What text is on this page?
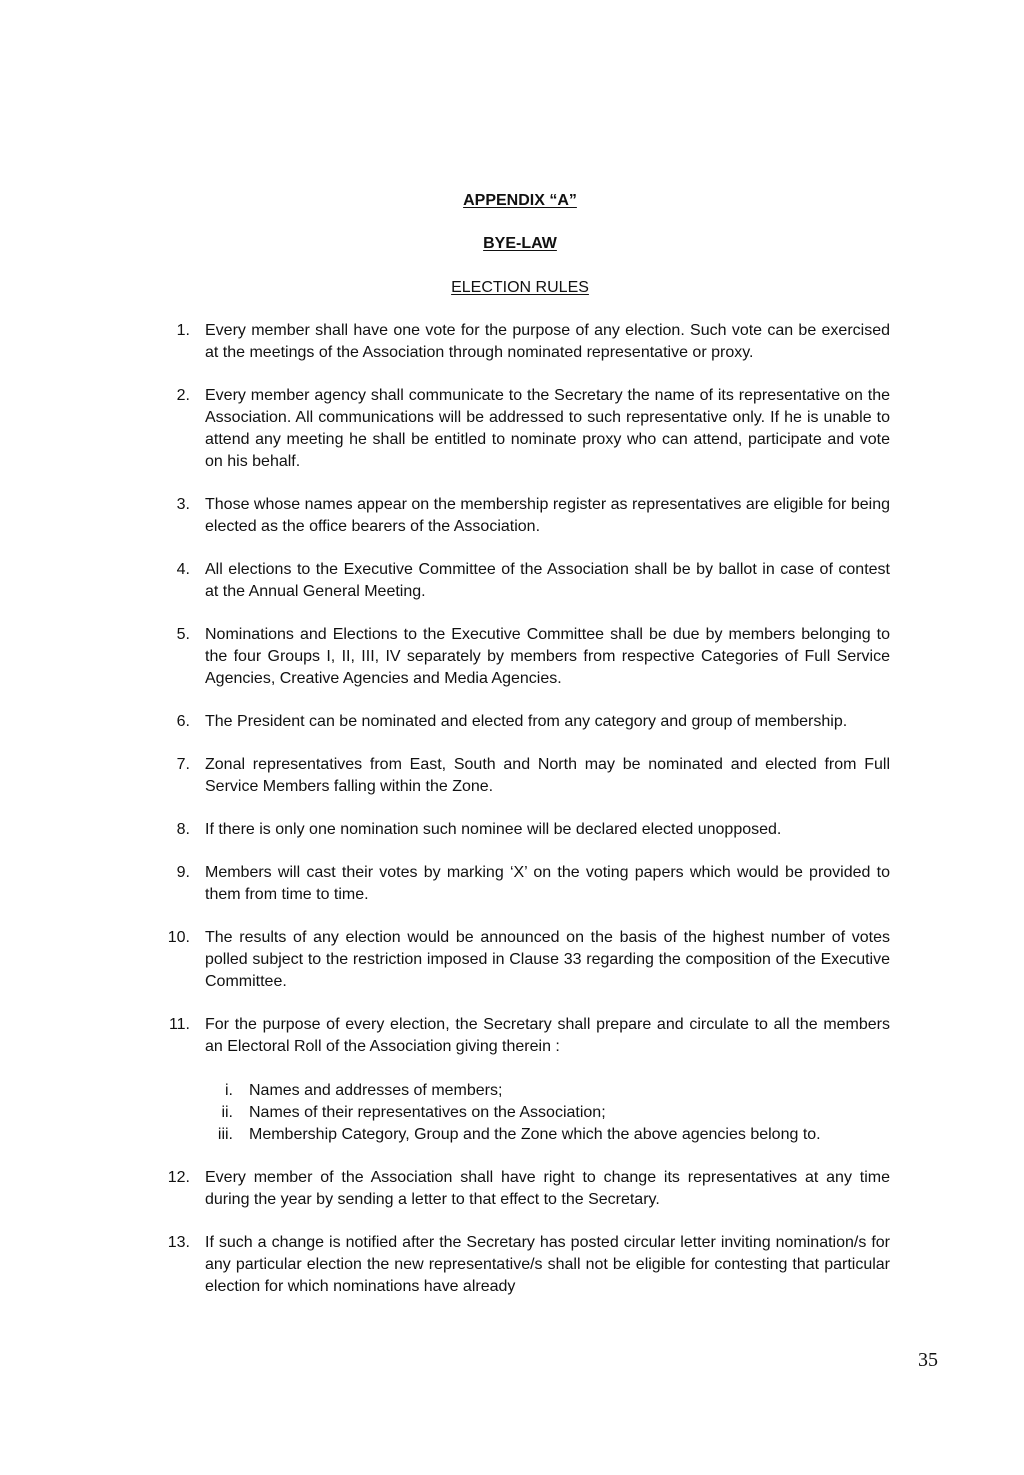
APPENDIX “A”
BYE-LAW
ELECTION RULES
1. Every member shall have one vote for the purpose of any election. Such vote can be exercised at the meetings of the Association through nominated representative or proxy.
2. Every member agency shall communicate to the Secretary the name of its representative on the Association. All communications will be addressed to such representative only. If he is unable to attend any meeting he shall be entitled to nominate proxy who can attend, participate and vote on his behalf.
3. Those whose names appear on the membership register as representatives are eligible for being elected as the office bearers of the Association.
4. All elections to the Executive Committee of the Association shall be by ballot in case of contest at the Annual General Meeting.
5. Nominations and Elections to the Executive Committee shall be due by members belonging to the four Groups I, II, III, IV separately by members from respective Categories of Full Service Agencies, Creative Agencies and Media Agencies.
6. The President can be nominated and elected from any category and group of membership.
7. Zonal representatives from East, South and North may be nominated and elected from Full Service Members falling within the Zone.
8. If there is only one nomination such nominee will be declared elected unopposed.
9. Members will cast their votes by marking ‘X’ on the voting papers which would be provided to them from time to time.
10. The results of any election would be announced on the basis of the highest number of votes polled subject to the restriction imposed in Clause 33 regarding the composition of the Executive Committee.
11. For the purpose of every election, the Secretary shall prepare and circulate to all the members an Electoral Roll of the Association giving therein :
i. Names and addresses of members;
ii. Names of their representatives on the Association;
iii. Membership Category, Group and the Zone which the above agencies belong to.
12. Every member of the Association shall have right to change its representatives at any time during the year by sending a letter to that effect to the Secretary.
13. If such a change is notified after the Secretary has posted circular letter inviting nomination/s for any particular election the new representative/s shall not be eligible for contesting that particular election for which nominations have already
35
